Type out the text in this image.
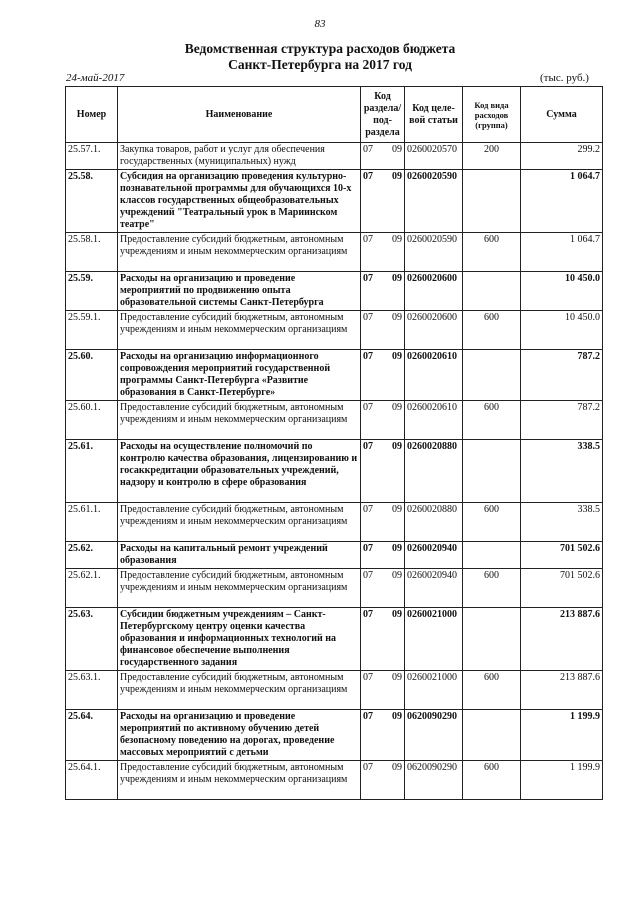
83
Ведомственная структура расходов бюджета
Санкт-Петербурга на 2017 год
24-май-2017	(тыс. руб.)
Номер	Наименование	Код раздела/ под-раздела	Код целе-вой статьи	Код вида расходов (группа)	Сумма
25.57.1.	Закупка товаров, работ и услуг для обеспечения государственных (муниципальных) нужд	07 09	0260020570	200	299.2
25.58.	Субсидия на организацию проведения культурно-познавательной программы для обучающихся 10-х классов государственных общеобразовательных учреждений "Театральный урок в Мариинском театре"	07 09	0260020590		1 064.7
25.58.1.	Предоставление субсидий бюджетным, автономным учреждениям и иным некоммерческим организациям	07 09	0260020590	600	1 064.7
25.59.	Расходы на организацию и проведение мероприятий по продвижению опыта образовательной системы Санкт-Петербурга	07 09	0260020600		10 450.0
25.59.1.	Предоставление субсидий бюджетным, автономным учреждениям и иным некоммерческим организациям	07 09	0260020600	600	10 450.0
25.60.	Расходы на организацию информационного сопровождения мероприятий государственной программы Санкт-Петербурга «Развитие образования в Санкт-Петербурге»	07 09	0260020610		787.2
25.60.1.	Предоставление субсидий бюджетным, автономным учреждениям и иным некоммерческим организациям	07 09	0260020610	600	787.2
25.61.	Расходы на осуществление полномочий по контролю качества образования, лицензированию и госаккредитации образовательных учреждений, надзору и контролю в сфере образования	07 09	0260020880		338.5
25.61.1.	Предоставление субсидий бюджетным, автономным учреждениям и иным некоммерческим организациям	07 09	0260020880	600	338.5
25.62.	Расходы на капитальный ремонт учреждений образования	07 09	0260020940		701 502.6
25.62.1.	Предоставление субсидий бюджетным, автономным учреждениям и иным некоммерческим организациям	07 09	0260020940	600	701 502.6
25.63.	Субсидии бюджетным учреждениям – Санкт-Петербургскому центру оценки качества образования и информационных технологий на финансовое обеспечение выполнения государственного задания	07 09	0260021000		213 887.6
25.63.1.	Предоставление субсидий бюджетным, автономным учреждениям и иным некоммерческим организациям	07 09	0260021000	600	213 887.6
25.64.	Расходы на организацию и проведение мероприятий по активному обучению детей безопасному поведению на дорогах, проведение массовых мероприятий с детьми	07 09	0620090290		1 199.9
25.64.1.	Предоставление субсидий бюджетным, автономным учреждениям и иным некоммерческим организациям	07 09	0620090290	600	1 199.9
